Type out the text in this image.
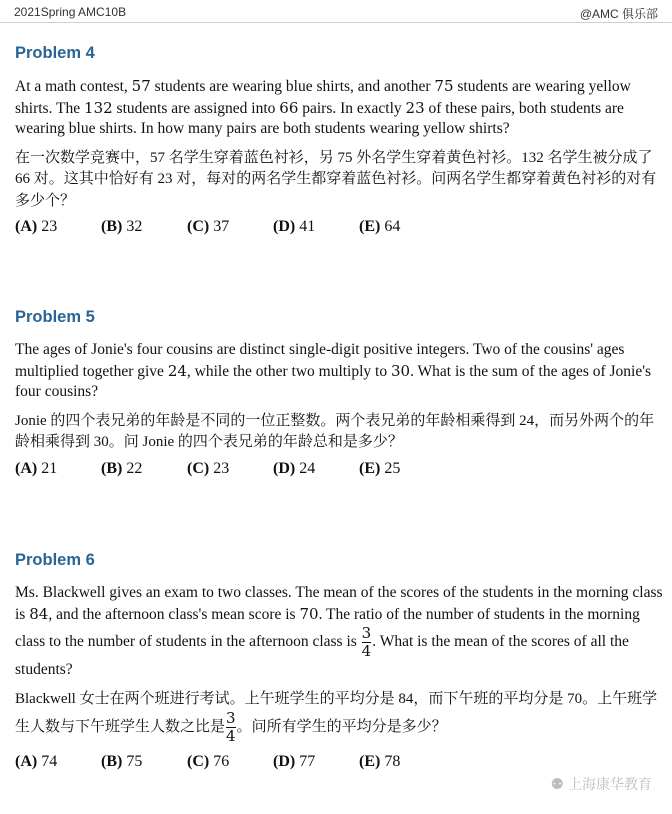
2021Spring AMC10B	@AMC 俱乐部
Problem 4

At a math contest, 57 students are wearing blue shirts, and another 75 students are wearing yellow shirts. The 132 students are assigned into 66 pairs. In exactly 23 of these pairs, both students are wearing blue shirts. In how many pairs are both students wearing yellow shirts?

在一次数学竞赛中，57 名学生穿着蓝色衬衫，另 75 外名学生穿着黄色衬衫。132 名学生被分成了 66 对。这其中恰好有 23 对，每对的两名学生都穿着蓝色衬衫。问两名学生都穿着黄色衬衫的对有多少个？

(A) 23	(B) 32	(C) 37	(D) 41	(E) 64
Problem 5

The ages of Jonie's four cousins are distinct single-digit positive integers. Two of the cousins' ages multiplied together give 24, while the other two multiply to 30. What is the sum of the ages of Jonie's four cousins?

Jonie 的四个表兄弟的年龄是不同的一位正整数。两个表兄弟的年龄相乘得到 24，而另外两个的年龄相乘得到 30。问 Jonie 的四个表兄弟的年龄总和是多少？

(A) 21	(B) 22	(C) 23	(D) 24	(E) 25
Problem 6

Ms. Blackwell gives an exam to two classes. The mean of the scores of the students in the morning class is 84, and the afternoon class's mean score is 70. The ratio of the number of students in the morning class to the number of students in the afternoon class is $\frac{3}{4}$ . What is the mean of the scores of all the students?

Blackwell 女士在两个班进行考试。上午班学生的平均分是 84，而下午班的平均分是 70。上午班学生人数与下午班学生人数之比是 $\frac{3}{4}$ 。问所有学生的平均分是多少？

(A) 74	(B) 75	(C) 76	(D) 77	(E) 78
⚉ 上海康华教育
